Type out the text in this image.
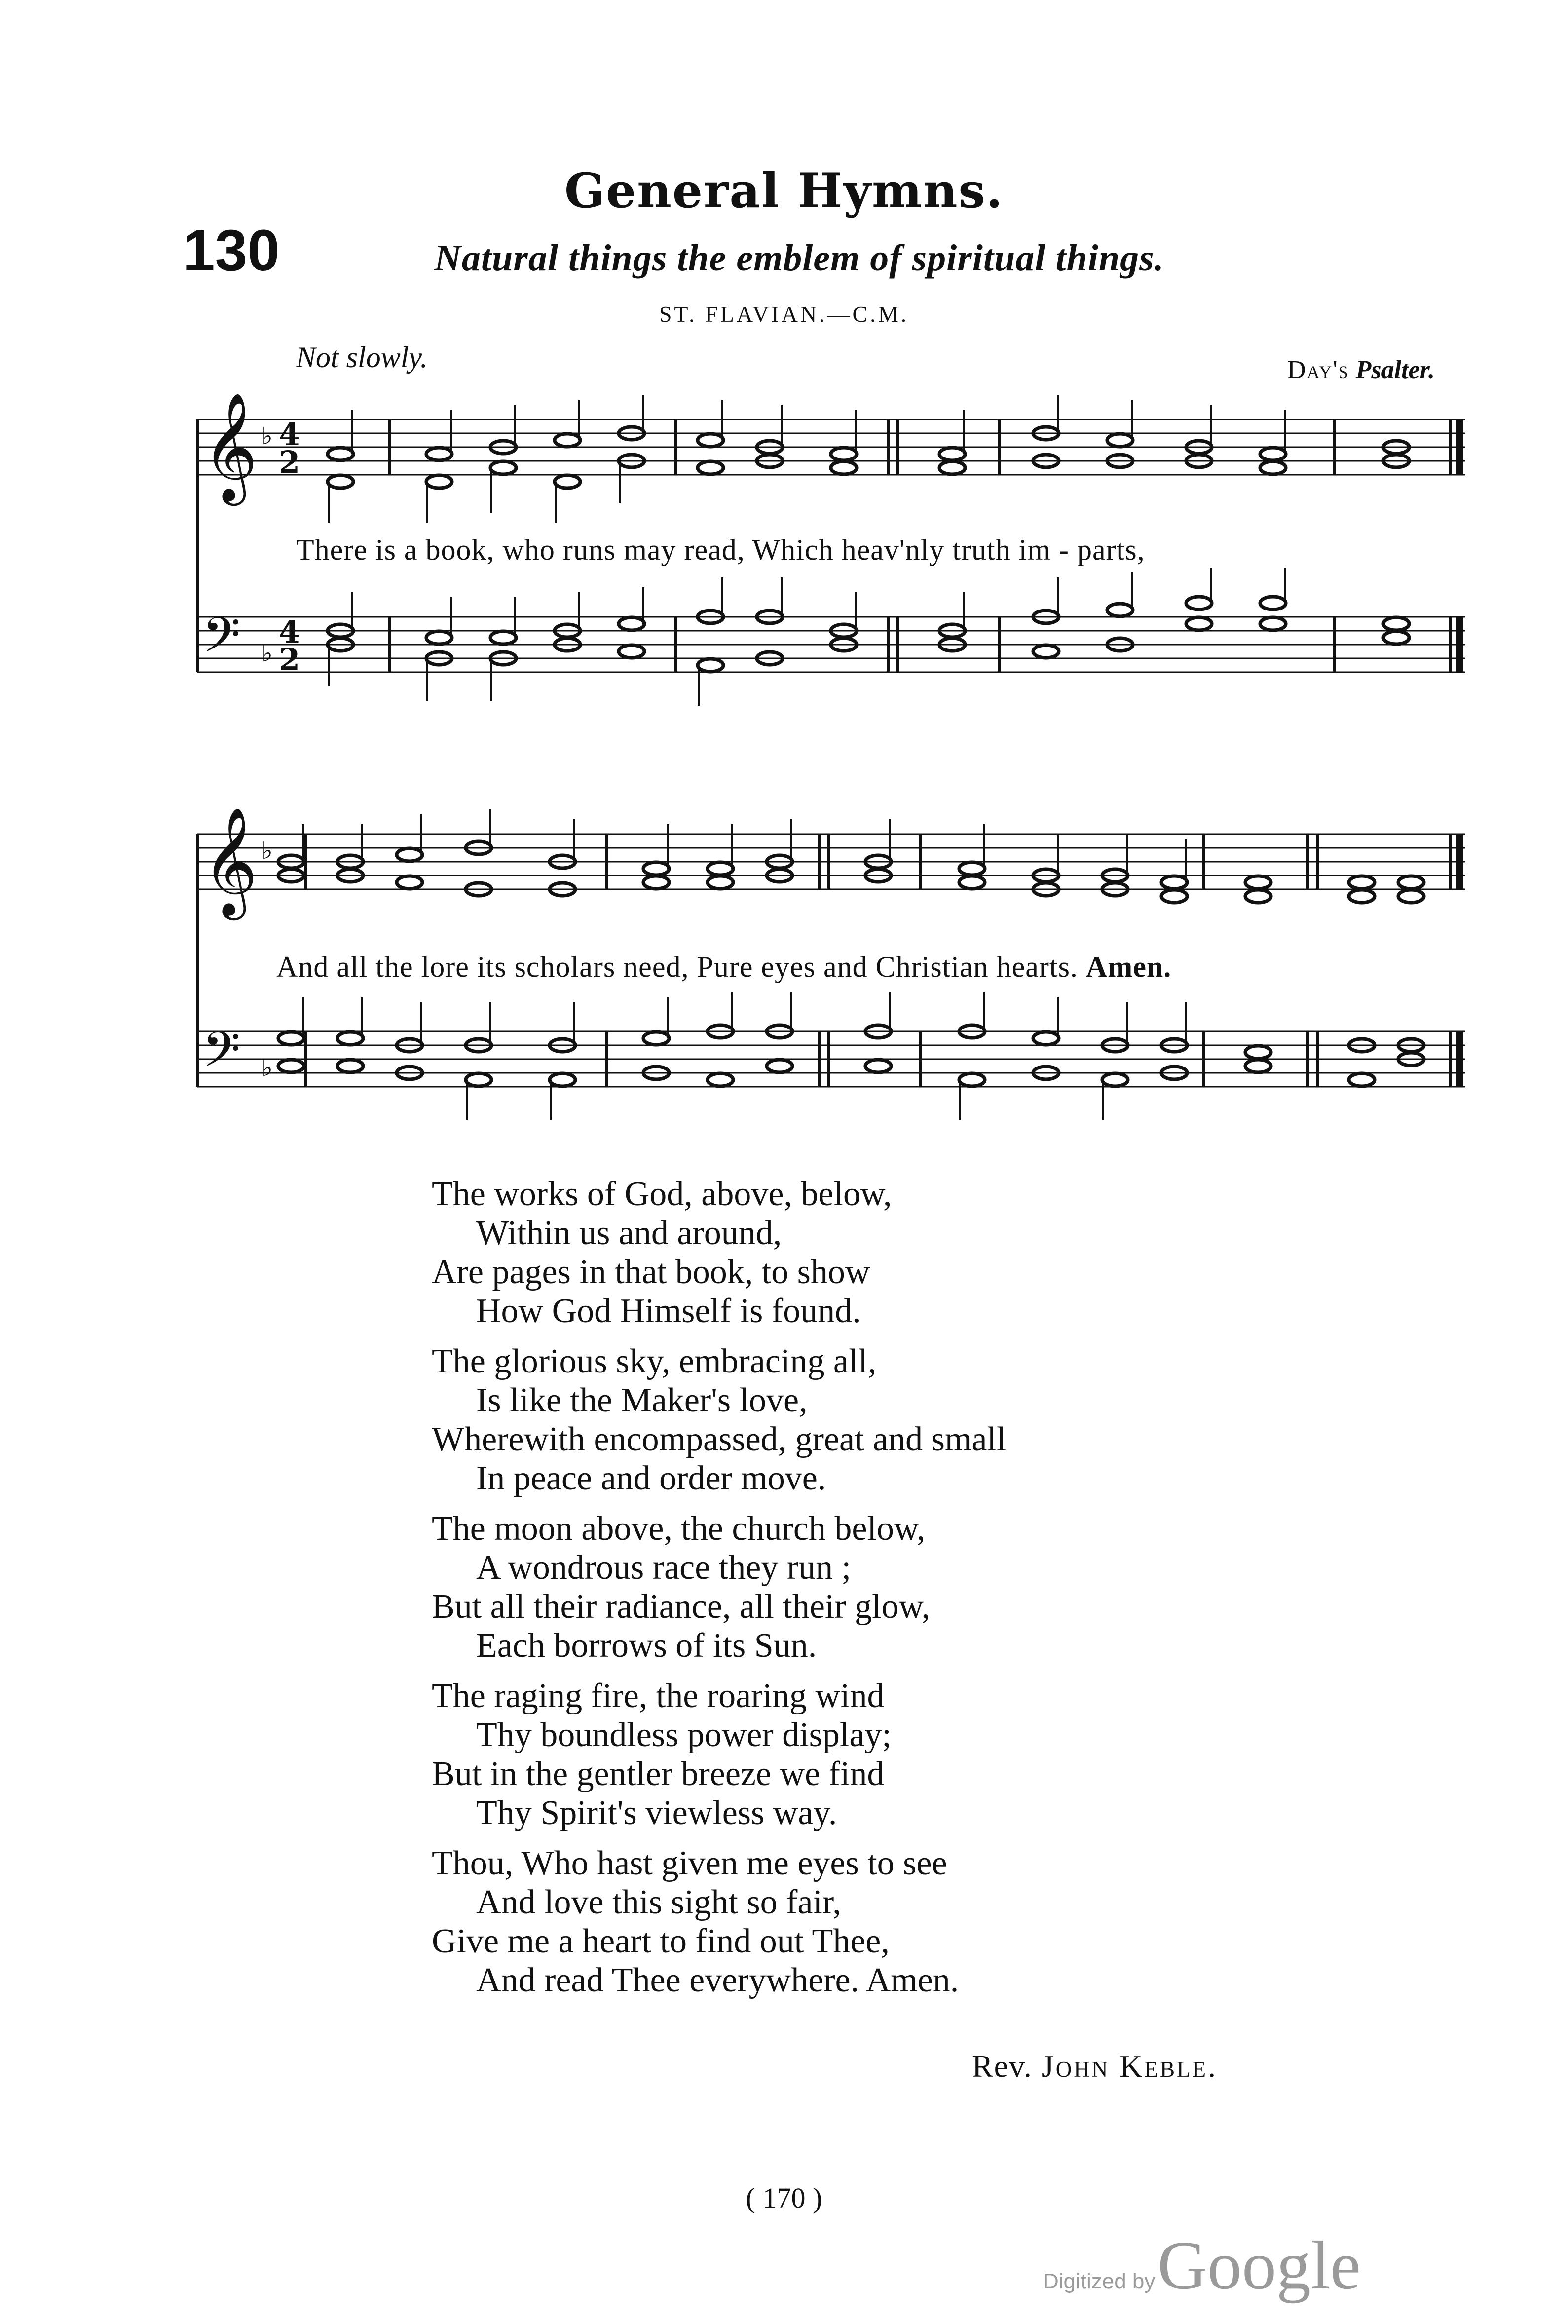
General Hymns.
130	Natural things the emblem of spiritual things.
ST. FLAVIAN.—C.M.
Not slowly.	Day's Psalter.
𝄞
𝄢
♭
♭
4
2
4
2
There is a book, who runs may read, Which heav'nly truth im - parts,
𝄞
𝄢
♭
♭
And all the lore its scholars need, Pure eyes and Christian hearts. Amen.
The works of God, above, below,
Within us and around,
Are pages in that book, to show
How God Himself is found.
The glorious sky, embracing all,
Is like the Maker's love,
Wherewith encompassed, great and small
In peace and order move.
The moon above, the church below,
A wondrous race they run ;
But all their radiance, all their glow,
Each borrows of its Sun.
The raging fire, the roaring wind
Thy boundless power display;
But in the gentler breeze we find
Thy Spirit's viewless way.
Thou, Who hast given me eyes to see
And love this sight so fair,
Give me a heart to find out Thee,
And read Thee everywhere. Amen.
Rev. John Keble.
( 170 )
Digitized by Google
